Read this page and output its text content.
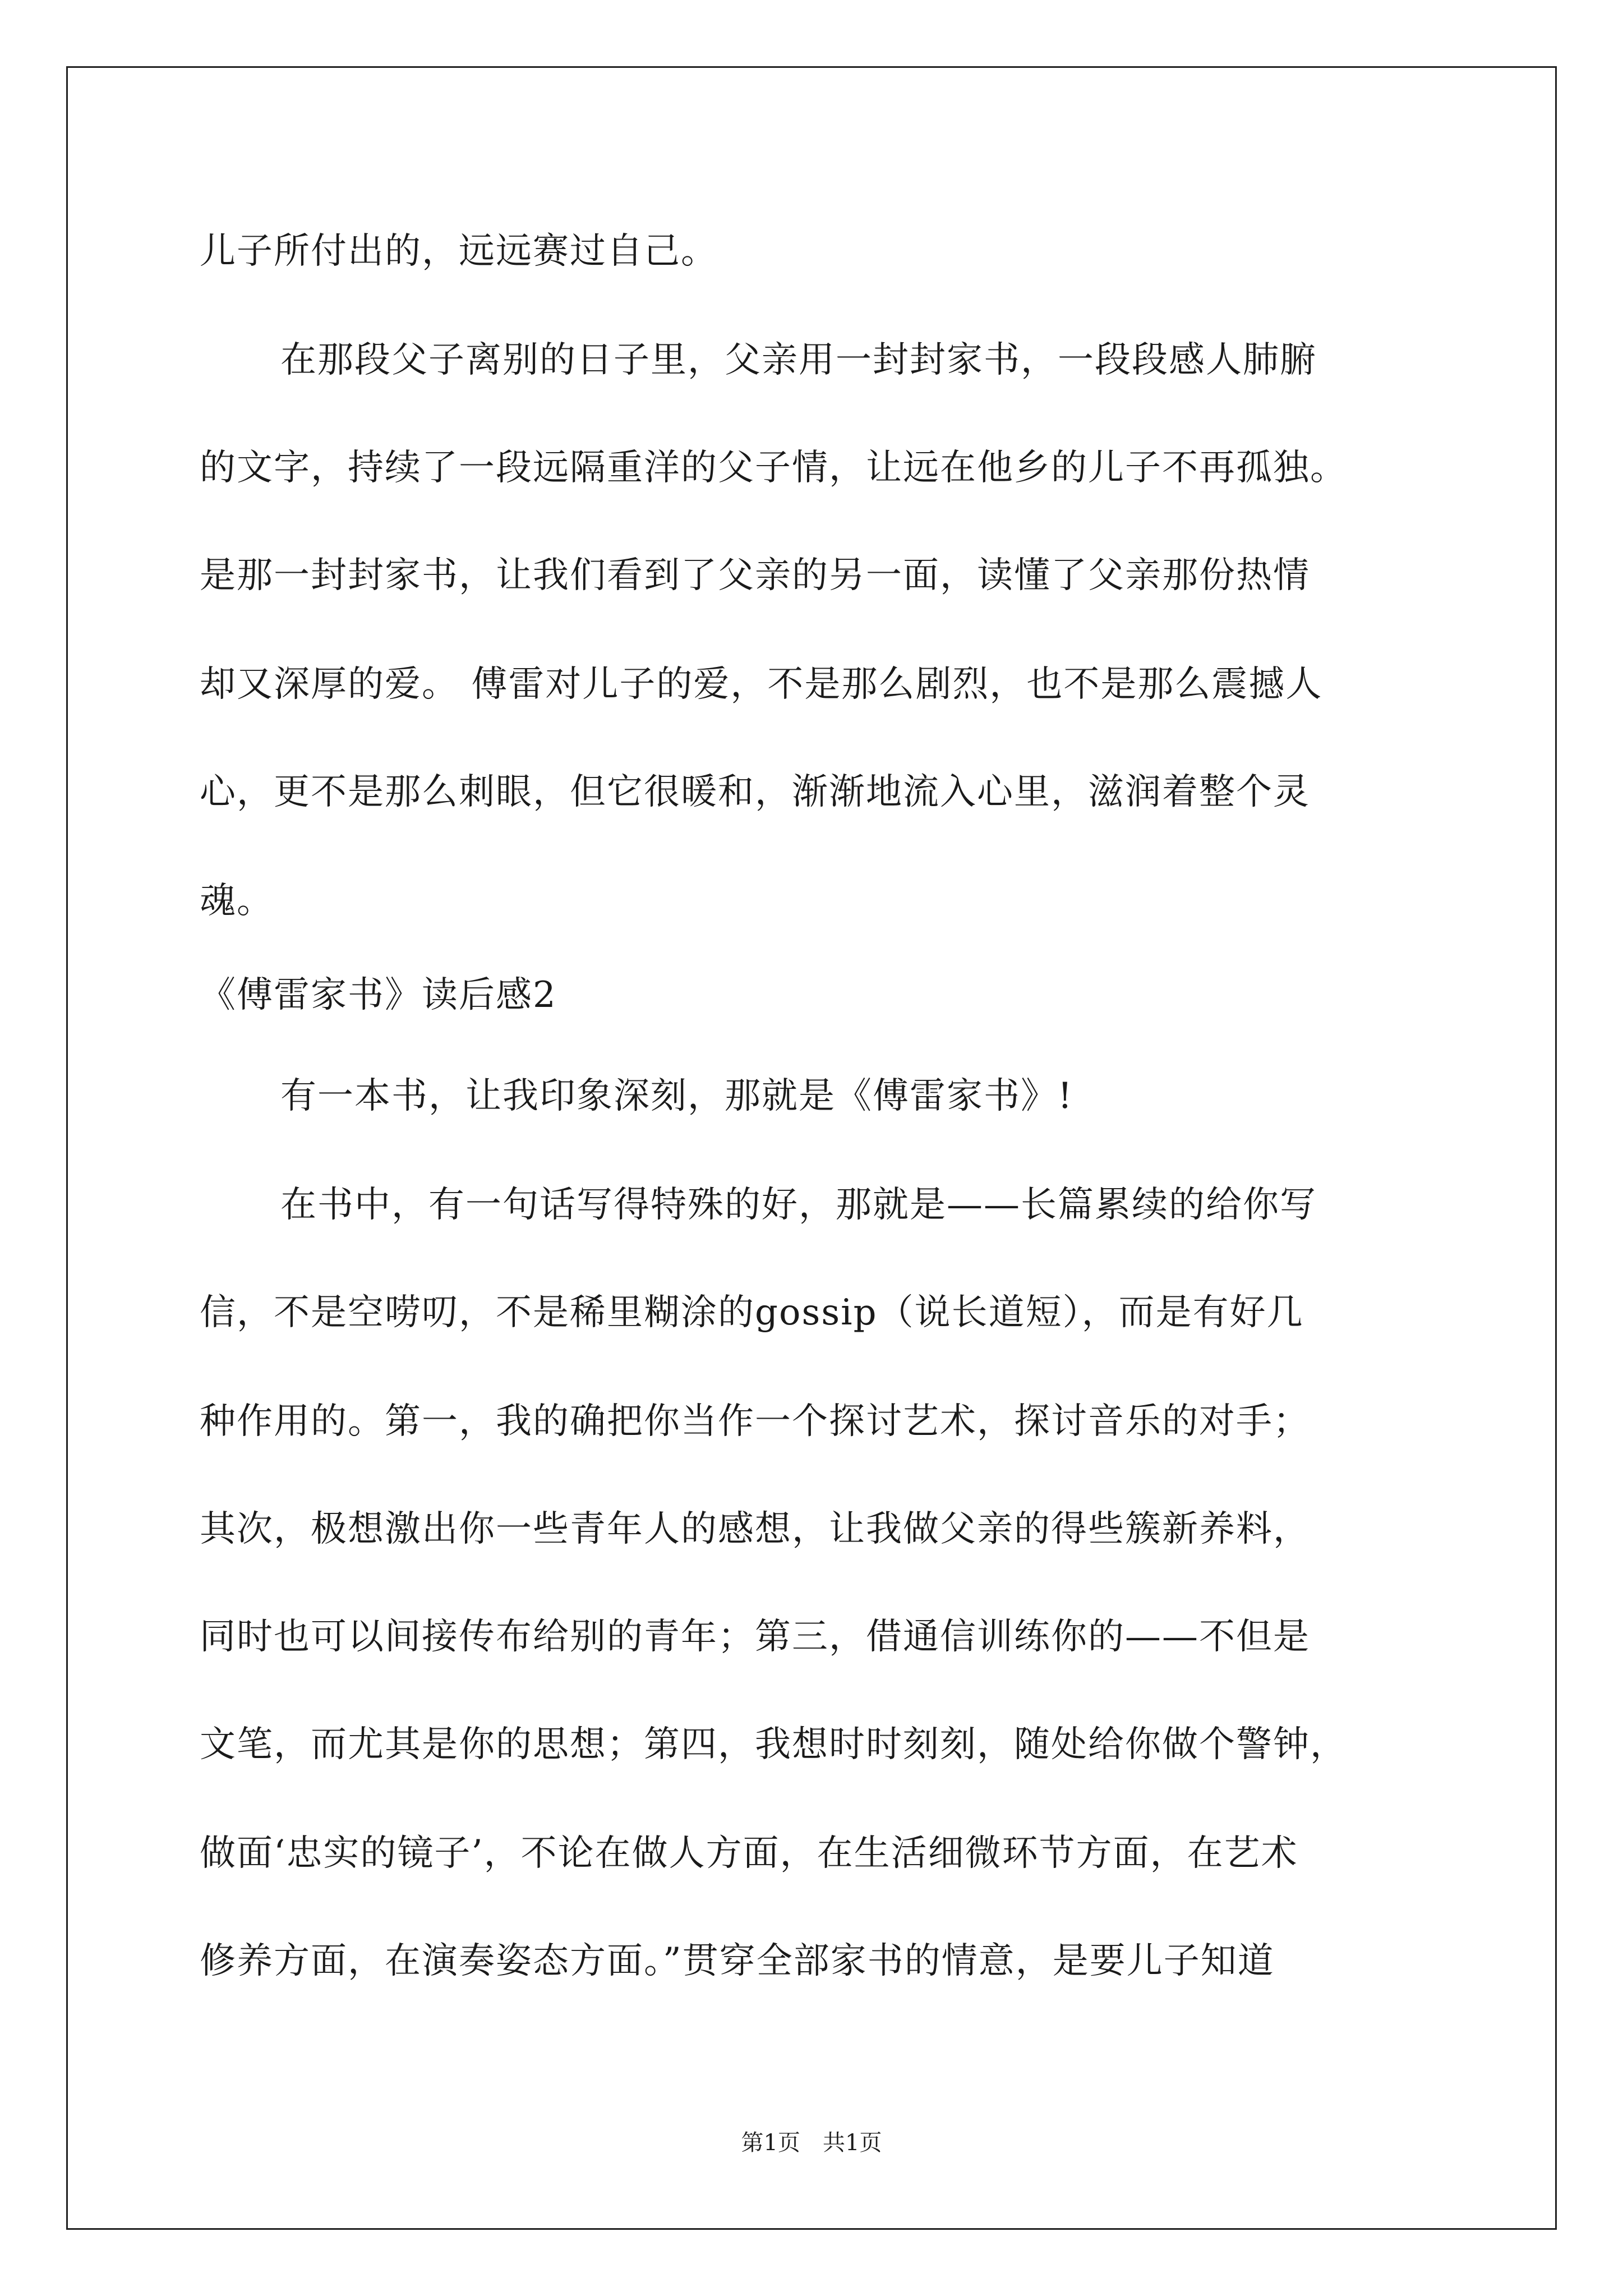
儿子所付出的，远远赛过自己。
在那段父子离别的日子里，父亲用一封封家书，一段段感人肺腑
的文字，持续了一段远隔重洋的父子情，让远在他乡的儿子不再孤独。
是那一封封家书，让我们看到了父亲的另一面，读懂了父亲那份热情
却又深厚的爱。 傅雷对儿子的爱，不是那么剧烈，也不是那么震撼人
心，更不是那么刺眼，但它很暖和，渐渐地流入心里，滋润着整个灵
魂。
《傅雷家书》读后感2
有一本书，让我印象深刻，那就是《傅雷家书》!
在书中，有一句话写得特殊的好，那就是——长篇累续的给你写
信，不是空唠叨，不是稀里糊涂的gossip（说长道短），而是有好几
种作用的。第一，我的确把你当作一个探讨艺术，探讨音乐的对手；
其次，极想激出你一些青年人的感想，让我做父亲的得些簇新养料，
同时也可以间接传布给别的青年；第三，借通信训练你的——不但是
文笔，而尤其是你的思想；第四，我想时时刻刻，随处给你做个警钟，
做面‘忠实的镜子’，不论在做人方面，在生活细微环节方面，在艺术
修养方面，在演奏姿态方面。”贯穿全部家书的情意，是要儿子知道
第1页　共1页
